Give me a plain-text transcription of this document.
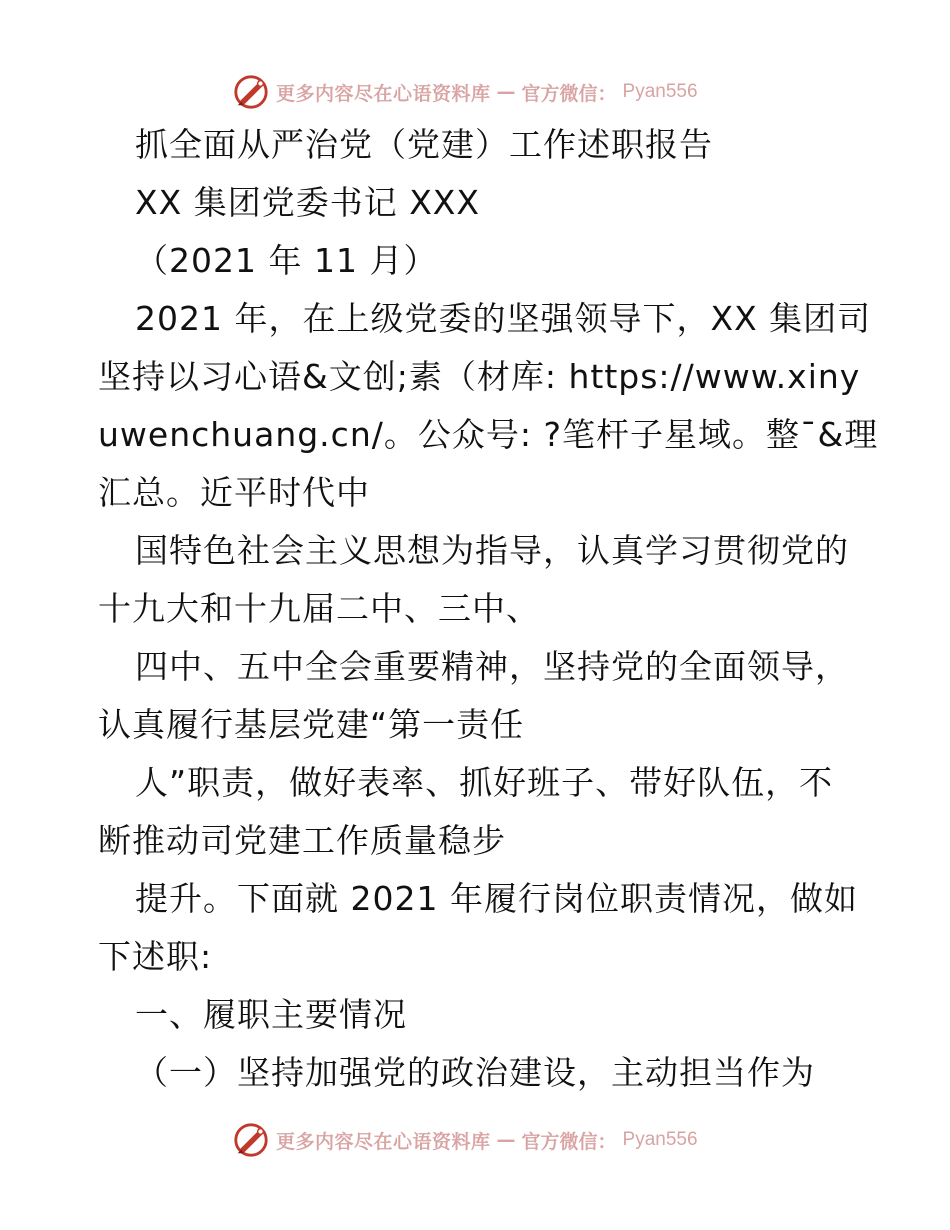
更多内容尽在心语资料库 — 官方微信： Pyan556
抓全面从严治党（党建）工作述职报告
XX 集团党委书记 XXX
（2021 年 11 月）
2021 年，在上级党委的坚强领导下，XX 集团司
坚持以习心语&文创;素（材库: https://www.xiny
uwenchuang.cn/。公众号: ?笔杆子星域。整¯&理
汇总。近平时代中
国特色社会主义思想为指导，认真学习贯彻党的
十九大和十九届二中、三中、
四中、五中全会重要精神，坚持党的全面领导，
认真履行基层党建“第一责任
人”职责，做好表率、抓好班子、带好队伍，不
断推动司党建工作质量稳步
提升。下面就 2021 年履行岗位职责情况，做如
下述职:
一、履职主要情况
（一）坚持加强党的政治建设，主动担当作为
更多内容尽在心语资料库 — 官方微信： Pyan556
